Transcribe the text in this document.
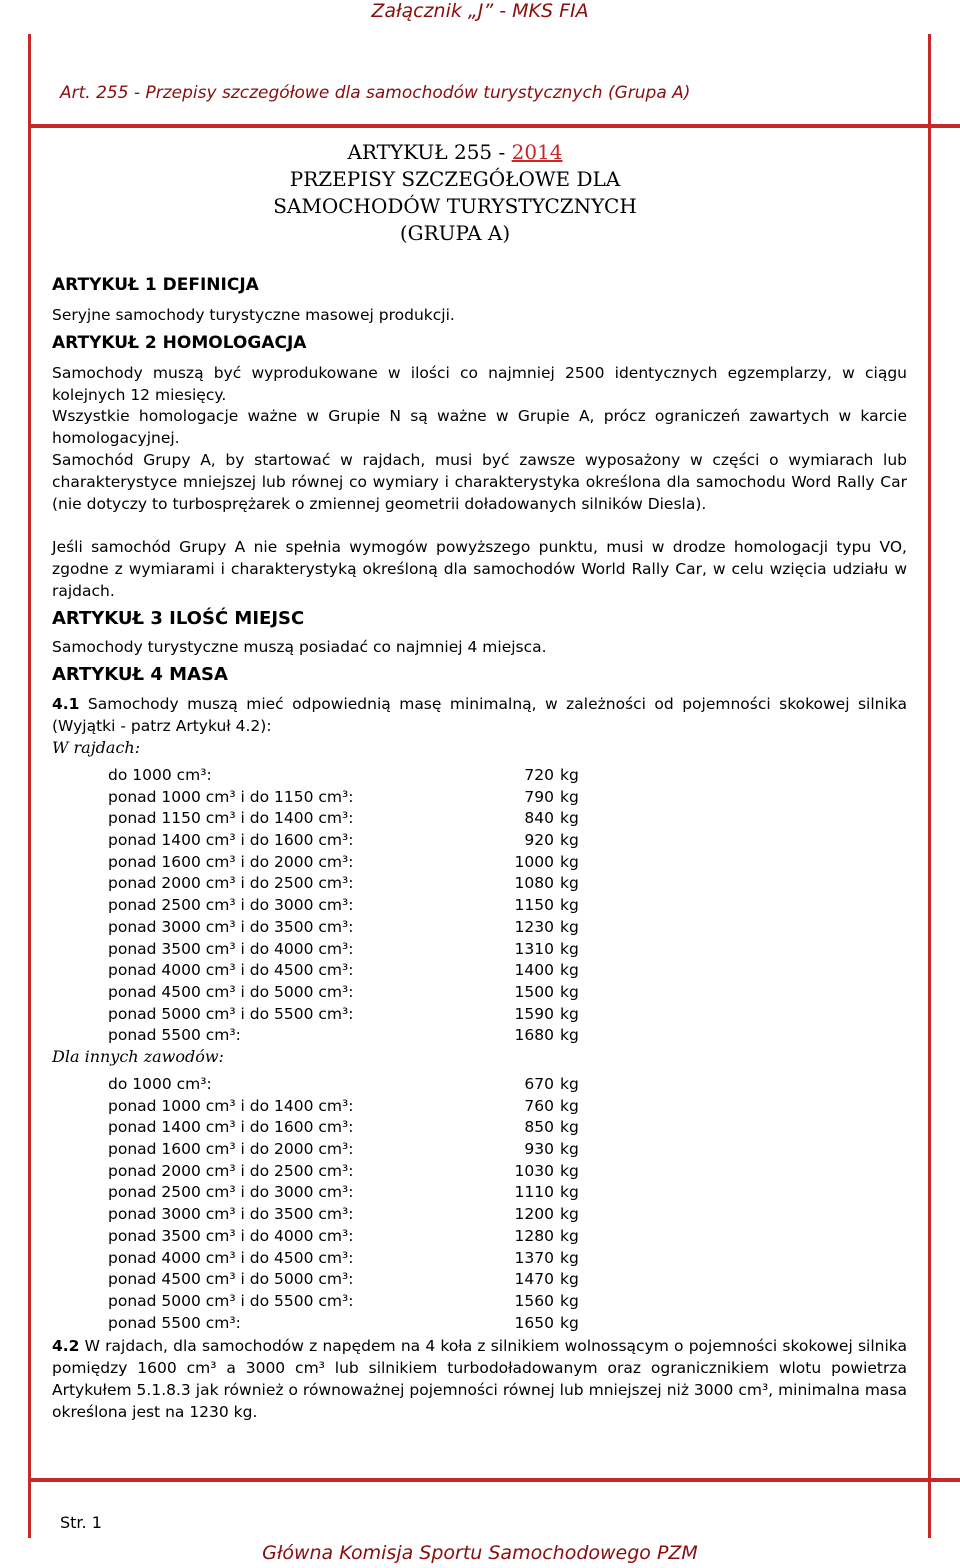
Załącznik „J” - MKS FIA
Art. 255 - Przepisy szczegółowe dla samochodów turystycznych (Grupa A)
ARTYKUŁ 255 - 2014
PRZEPISY SZCZEGÓŁOWE DLA
SAMOCHODÓW TURYSTYCZNYCH
(GRUPA A)
ARTYKUŁ 1 DEFINICJA
Seryjne samochody turystyczne masowej produkcji.
ARTYKUŁ 2 HOMOLOGACJA

Samochody muszą być wyprodukowane w ilości co najmniej 2500 identycznych egzemplarzy, w ciągu kolejnych 12 miesięcy.

Wszystkie homologacje ważne w Grupie N są ważne w Grupie A, prócz ograniczeń zawartych w karcie homologacyjnej.

Samochód Grupy A, by startować w rajdach, musi być zawsze wyposażony w części o wymiarach lub charakterystyce mniejszej lub równej co wymiary i charakterystyka określona dla samochodu Word Rally Car (nie dotyczy to turbosprężarek o zmiennej geometrii doładowanych silników Diesla).

Jeśli samochód Grupy A nie spełnia wymogów powyższego punktu, musi w drodze homologacji typu VO, zgodne z wymiarami i charakterystyką określoną dla samochodów World Rally Car, w celu wzięcia udziału w rajdach.

ARTYKUŁ 3 ILOŚĆ MIEJSC
Samochody turystyczne muszą posiadać co najmniej 4 miejsca.
ARTYKUŁ 4 MASA

4.1 Samochody muszą mieć odpowiednią masę minimalną, w zależności od pojemności skokowej silnika (Wyjątki - patrz Artykuł 4.2):

W rajdach:
do 1000 cm³:	720 kg
ponad 1000 cm³ i do 1150 cm³:	790 kg
ponad 1150 cm³ i do 1400 cm³:	840 kg
ponad 1400 cm³ i do 1600 cm³:	920 kg
ponad 1600 cm³ i do 2000 cm³:	1000 kg
ponad 2000 cm³ i do 2500 cm³:	1080 kg
ponad 2500 cm³ i do 3000 cm³:	1150 kg
ponad 3000 cm³ i do 3500 cm³:	1230 kg
ponad 3500 cm³ i do 4000 cm³:	1310 kg
ponad 4000 cm³ i do 4500 cm³:	1400 kg
ponad 4500 cm³ i do 5000 cm³:	1500 kg
ponad 5000 cm³ i do 5500 cm³:	1590 kg
ponad 5500 cm³:	1680 kg
Dla innych zawodów:
do 1000 cm³:	670 kg
ponad 1000 cm³ i do 1400 cm³:	760 kg
ponad 1400 cm³ i do 1600 cm³:	850 kg
ponad 1600 cm³ i do 2000 cm³:	930 kg
ponad 2000 cm³ i do 2500 cm³:	1030 kg
ponad 2500 cm³ i do 3000 cm³:	1110 kg
ponad 3000 cm³ i do 3500 cm³:	1200 kg
ponad 3500 cm³ i do 4000 cm³:	1280 kg
ponad 4000 cm³ i do 4500 cm³:	1370 kg
ponad 4500 cm³ i do 5000 cm³:	1470 kg
ponad 5000 cm³ i do 5500 cm³:	1560 kg
ponad 5500 cm³:	1650 kg

4.2 W rajdach, dla samochodów z napędem na 4 koła z silnikiem wolnossącym o pojemności skokowej silnika pomiędzy 1600 cm³ a 3000 cm³ lub silnikiem turbodoładowanym oraz ogranicznikiem wlotu powietrza Artykułem 5.1.8.3 jak również o równoważnej pojemności równej lub mniejszej niż 3000 cm³, minimalna masa określona jest na 1230 kg.

Str. 1
Główna Komisja Sportu Samochodowego PZM
